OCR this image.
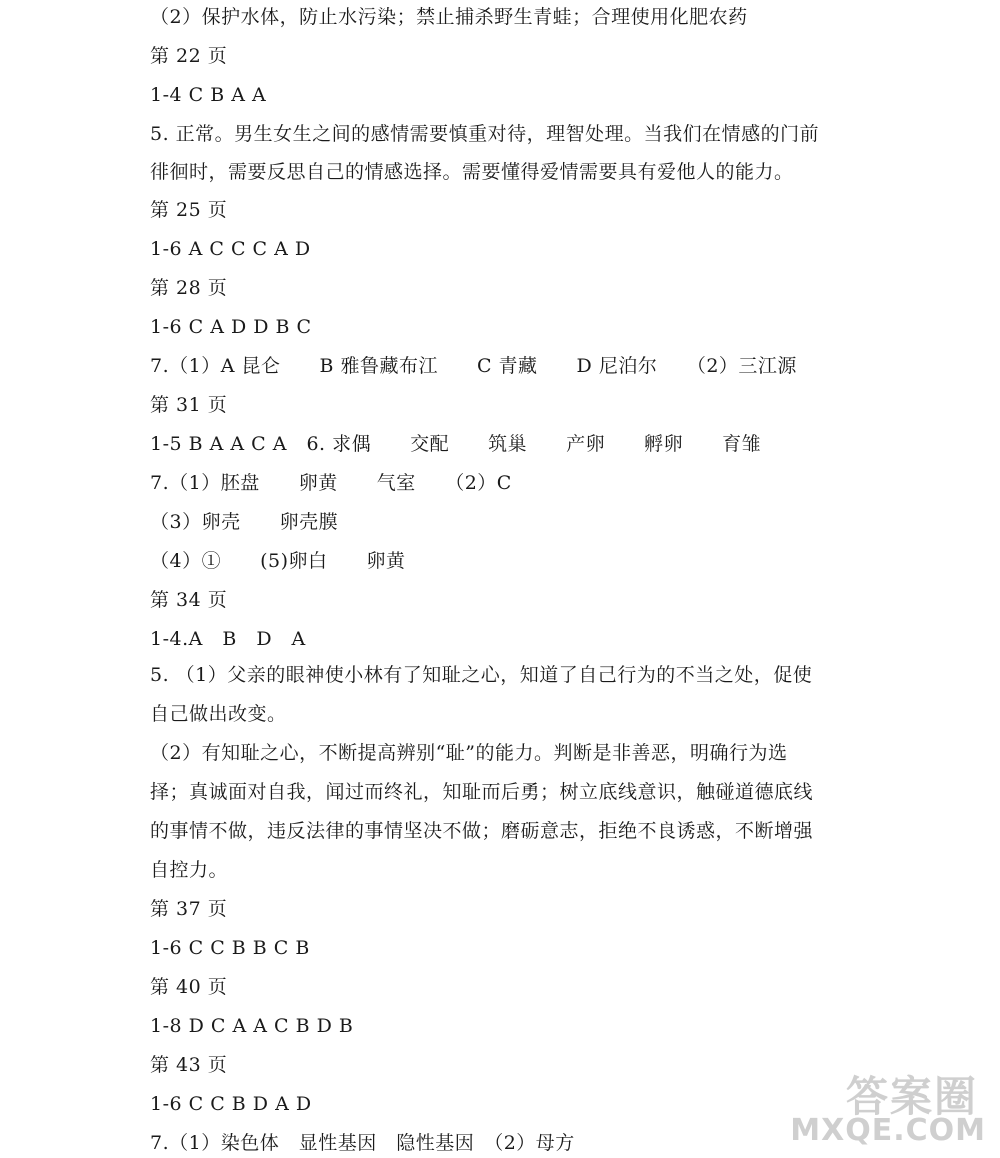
（2）保护水体，防止水污染；禁止捕杀野生青蛙；合理使用化肥农药
第 22 页
1-4 C B A A
5. 正常。男生女生之间的感情需要慎重对待，理智处理。当我们在情感的门前
徘徊时，需要反思自己的情感选择。需要懂得爱情需要具有爱他人的能力。
第 25 页
1-6 A C C C A D
第 28 页
1-6 C A D D B C
7.（1）A 昆仑　　B 雅鲁藏布江　　C 青藏　　D 尼泊尔　　（2）三江源
第 31 页
1-5 B A A C A　6. 求偶　　交配　　筑巢　　产卵　　孵卵　　育雏
7.（1）胚盘　　卵黄　　气室　　（2）C
（3）卵壳　　卵壳膜
（4）①　　(5)卵白　　卵黄
第 34 页
1-4.A　B　D　A
5. （1）父亲的眼神使小林有了知耻之心，知道了自己行为的不当之处，促使
自己做出改变。
（2）有知耻之心，不断提高辨别“耻”的能力。判断是非善恶，明确行为选
择；真诚面对自我，闻过而终礼，知耻而后勇；树立底线意识，触碰道德底线
的事情不做，违反法律的事情坚决不做；磨砺意志，拒绝不良诱惑，不断增强
自控力。
第 37 页
1-6 C C B B C B
第 40 页
1-8 D C A A C B D B
第 43 页
1-6 C C B D A D
7.（1）染色体　显性基因　隐性基因　（2）母方
答案圈
MXQE.COM
